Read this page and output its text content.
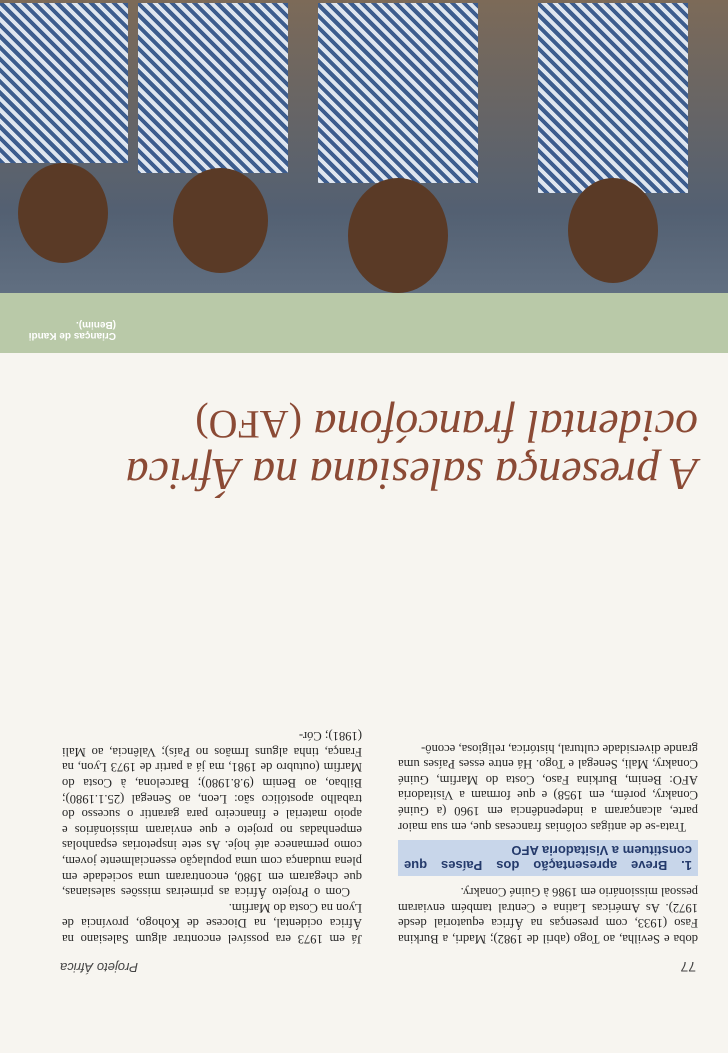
77
Projeto África

Já em 1973 era possível encontrar algum Salesiano na África ocidental, na Diocese de Kohogo, província de Lyon na Costa do Marfim.

Com o Projeto África as primeiras missões salesianas, que chegaram em 1980, encontraram uma sociedade em plena mudança com uma população essencialmente jovem, como permanece até hoje. As sete inspetorias espanholas empenhadas no projeto e que enviaram missionários e apoio material e financeiro para garantir o sucesso do trabalho apostólico são: Leon, ao Senegal (25.1.1980); Bilbao, ao Benim (9.8.1980); Barcelona, à Costa do Marfim (outubro de 1981, ma já a partir de 1973 Lyon, na França, tinha alguns Irmãos no País); Valência, ao Mali (1981); Cór-

doba e Sevilha, ao Togo (abril de 1982); Madri, a Burkina Faso (1933, com presenças na África equatorial desde 1972). As Américas Latina e Central também enviaram pessoal missionário em 1986 à Guiné Conakry.

1. Breve apresentação dos Países que constituem a Visitadoria AFO

Trata-se de antigas colônias francesas que, em sua maior parte, alcançaram a independência em 1960 (a Guiné Conakry, porém, em 1958) e que formam a Visitadoria AFO: Benim, Burkina Faso, Costa do Marfim, Guiné Conakry, Mali, Senegal e Togo. Há entre esses Países uma grande diversidade cultural, histórica, religiosa, econô-

A presença salesiana na África ocidental francófona (AFO)
Crianças de Kandi (Benim).
